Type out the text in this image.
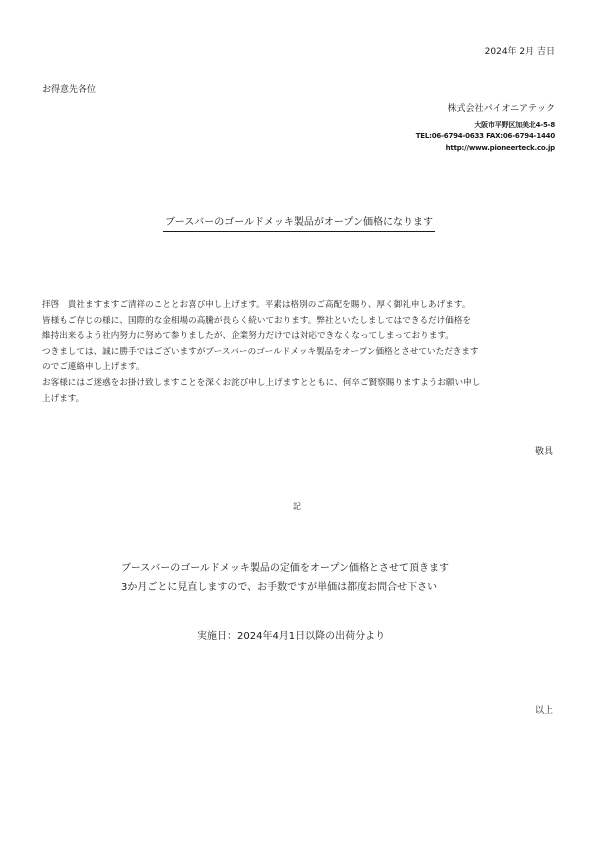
2024年 2月 吉日
お得意先各位
株式会社パイオニアテック
大阪市平野区加美北4-5-8
TEL:06-6794-0633 FAX:06-6794-1440
http://www.pioneerteck.co.jp
ブースバーのゴールドメッキ製品がオープン価格になります
拝啓　貴社ますますご清祥のこととお喜び申し上げます。平素は格別のご高配を賜り、厚く御礼申しあげます。
皆様もご存じの様に、国際的な金相場の高騰が長らく続いております。弊社といたしましてはできるだけ価格を
維持出来るよう社内努力に努めて参りましたが、企業努力だけでは対応できなくなってしまっております。
つきましては、誠に勝手ではございますがブースバーのゴールドメッキ製品をオープン価格とさせていただきます
のでご連絡申し上げます。
お客様にはご迷惑をお掛け致しますことを深くお詫び申し上げますとともに、何卒ご賢察賜りますようお願い申し
上げます。
敬具
記
ブースバーのゴールドメッキ製品の定価をオープン価格とさせて頂きます
3か月ごとに見直しますので、お手数ですが単価は都度お問合せ下さい
実施日：2024年4月1日以降の出荷分より
以上
